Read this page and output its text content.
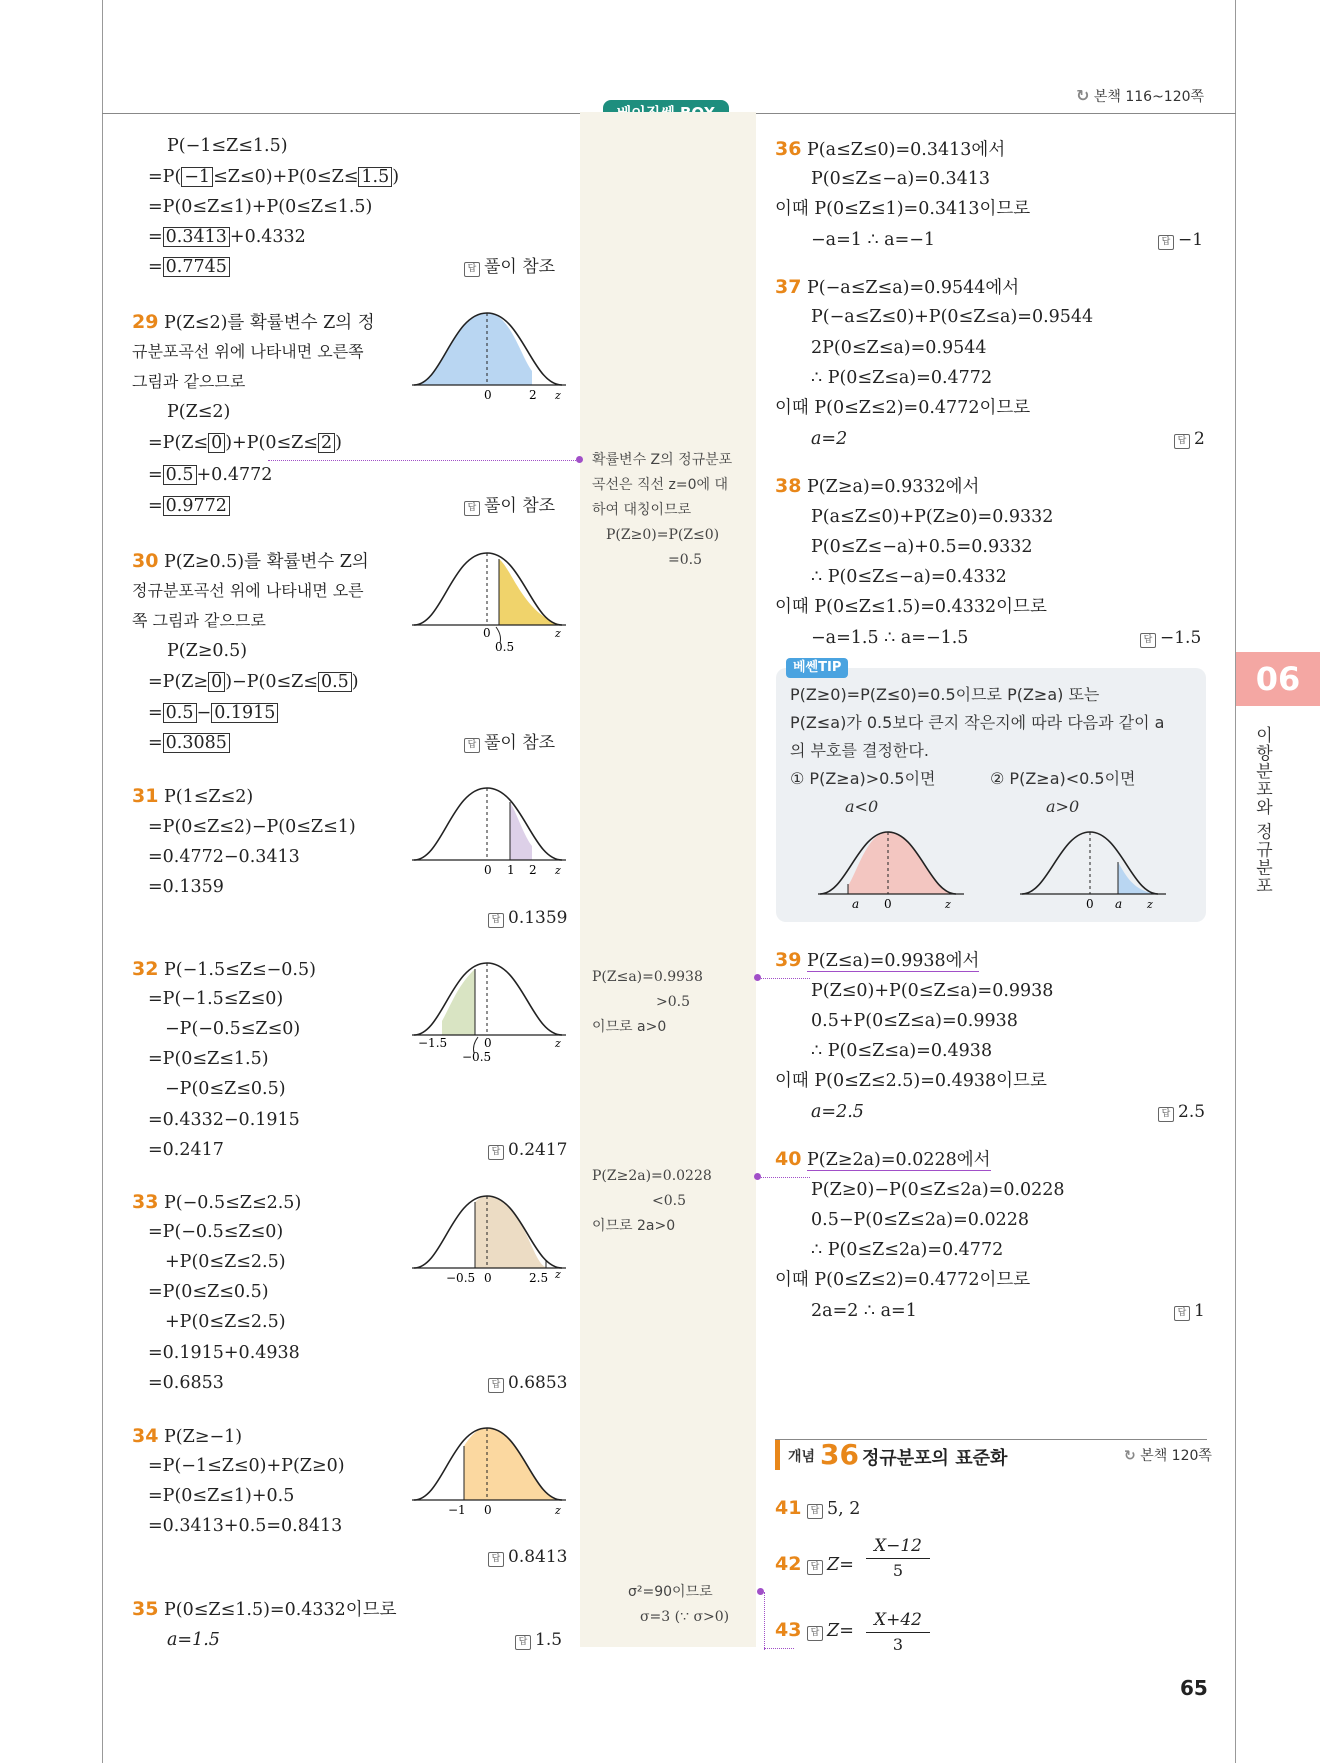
↻ 본책 116~120쪽
P(−1≤Z≤1.5)
=P( −1 ≤Z≤0)+P(0≤Z≤ 1.5 )
=P(0≤Z≤1)+P(0≤Z≤1.5)
= 0.3413 +0.4332
= 0.7745	답 풀이 참조
29 P(Z≤2)를 확률변수 Z의 정
규분포곡선 위에 나타내면 오른쪽
그림과 같으므로
P(Z≤2)
=P(Z≤ 0 )+P(0≤Z≤ 2 )
= 0.5 +0.4772
= 0.9772	답 풀이 참조
30 P(Z≥0.5)를 확률변수 Z의
정규분포곡선 위에 나타내면 오른
쪽 그림과 같으므로
P(Z≥0.5)
=P(Z≥ 0 )−P(0≤Z≤ 0.5 )
= 0.5 − 0.1915
= 0.3085	답 풀이 참조
31 P(1≤Z≤2)
=P(0≤Z≤2)−P(0≤Z≤1)
=0.4772−0.3413
=0.1359
답 0.1359
32 P(−1.5≤Z≤−0.5)
=P(−1.5≤Z≤0)
−P(−0.5≤Z≤0)
=P(0≤Z≤1.5)
−P(0≤Z≤0.5)
=0.4332−0.1915
=0.2417	답 0.2417
33 P(−0.5≤Z≤2.5)
=P(−0.5≤Z≤0)
+P(0≤Z≤2.5)
=P(0≤Z≤0.5)
+P(0≤Z≤2.5)
=0.1915+0.4938
=0.6853	답 0.6853
34 P(Z≥−1)
=P(−1≤Z≤0)+P(Z≥0)
=P(0≤Z≤1)+0.5
=0.3413+0.5=0.8413
답 0.8413
35 P(0≤Z≤1.5)=0.4332이므로
a=1.5	답 1.5
0	2 z
0
0.5
z
0 1 2 z
−1.5	0
−0.5
z
−0.5 0	2.5 z
−1 0	z
확률변수 Z의 정규분포
곡선은 직선 z=0에 대
하여 대칭이므로
P(Z≥0)=P(Z≤0)
=0.5
P(Z≤a)=0.9938
>0.5
이므로 a>0
P(Z≥2a)=0.0228
<0.5
이므로 2a>0
σ²=90이므로
σ=3 (∵ σ>0)
36 P(a≤Z≤0)=0.3413에서
P(0≤Z≤−a)=0.3413
이때 P(0≤Z≤1)=0.3413이므로
−a=1 ∴ a=−1	답 −1
37 P(−a≤Z≤a)=0.9544에서
P(−a≤Z≤0)+P(0≤Z≤a)=0.9544
2P(0≤Z≤a)=0.9544
∴ P(0≤Z≤a)=0.4772
이때 P(0≤Z≤2)=0.4772이므로
a=2	답 2
38 P(Z≥a)=0.9332에서
P(a≤Z≤0)+P(Z≥0)=0.9332
P(0≤Z≤−a)+0.5=0.9332
∴ P(0≤Z≤−a)=0.4332
이때 P(0≤Z≤1.5)=0.4332이므로
−a=1.5 ∴ a=−1.5	답 −1.5
베쎈TIP
P(Z≥0)=P(Z≤0)=0.5이므로 P(Z≥a) 또는
P(Z≤a)가 0.5보다 큰지 작은지에 따라 다음과 같이 a
의 부호를 결정한다.
① P(Z≥a)>0.5이면	② P(Z≥a)<0.5이면
a<0	a>0
a 0	z	0 a z
39 P(Z≤a)=0.9938에서
P(Z≤0)+P(0≤Z≤a)=0.9938
0.5+P(0≤Z≤a)=0.9938
∴ P(0≤Z≤a)=0.4938
이때 P(0≤Z≤2.5)=0.4938이므로
a=2.5	답 2.5
40 P(Z≥2a)=0.0228에서
P(Z≥0)−P(0≤Z≤2a)=0.0228
0.5−P(0≤Z≤2a)=0.0228
∴ P(0≤Z≤2a)=0.4772
이때 P(0≤Z≤2)=0.4772이므로
2a=2 ∴ a=1	답 1
개념 36 정규분포의 표준화	↻ 본책 120쪽
41 답 5, 2
42 답 Z=
X−12
5
43 답 Z=
X+42
3
06
이항분포와 정규분포
65
